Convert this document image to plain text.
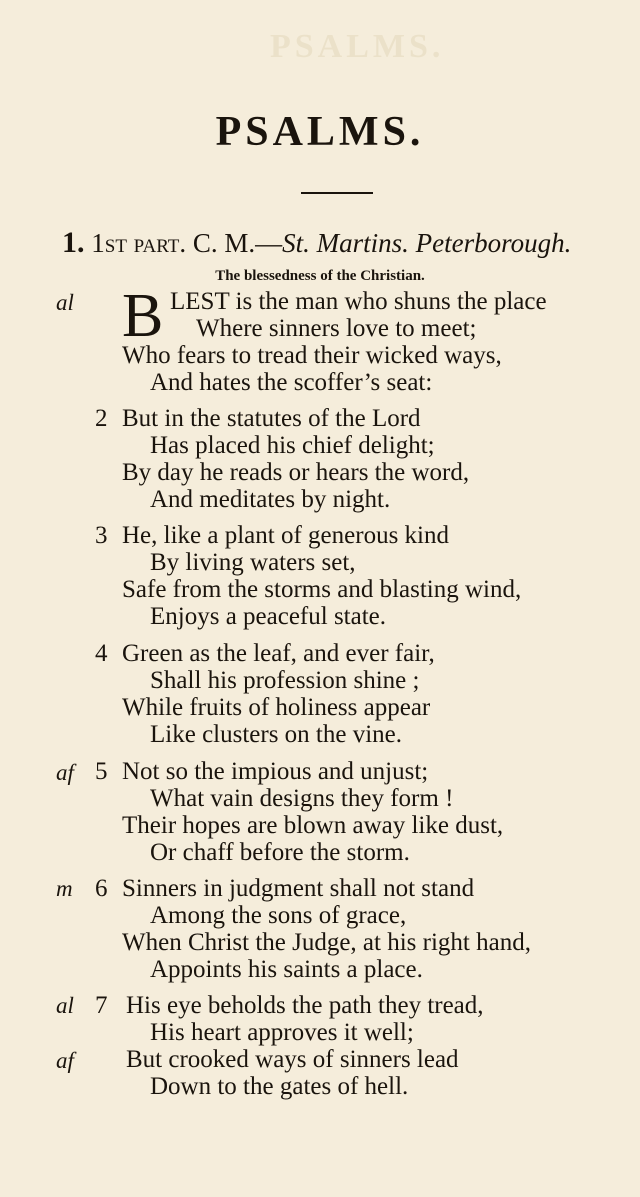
PSALMS.
PSALMS.
1. 1st part. C. M.—St. Martins. Peterborough.
The blessedness of the Christian.
B
al	LEST is the man who shuns the place
Where sinners love to meet;
Who fears to tread their wicked ways,
And hates the scoffer’s seat:
2 But in the statutes of the Lord
Has placed his chief delight;
By day he reads or hears the word,
And meditates by night.
3 He, like a plant of generous kind
By living waters set,
Safe from the storms and blasting wind,
Enjoys a peaceful state.
4 Green as the leaf, and ever fair,
Shall his profession shine ;
While fruits of holiness appear
Like clusters on the vine.
af 5 Not so the impious and unjust;
What vain designs they form !
Their hopes are blown away like dust,
Or chaff before the storm.
m 6 Sinners in judgment shall not stand
Among the sons of grace,
When Christ the Judge, at his right hand,
Appoints his saints a place.
al 7 His eye beholds the path they tread,
His heart approves it well;
af But crooked ways of sinners lead
Down to the gates of hell.
